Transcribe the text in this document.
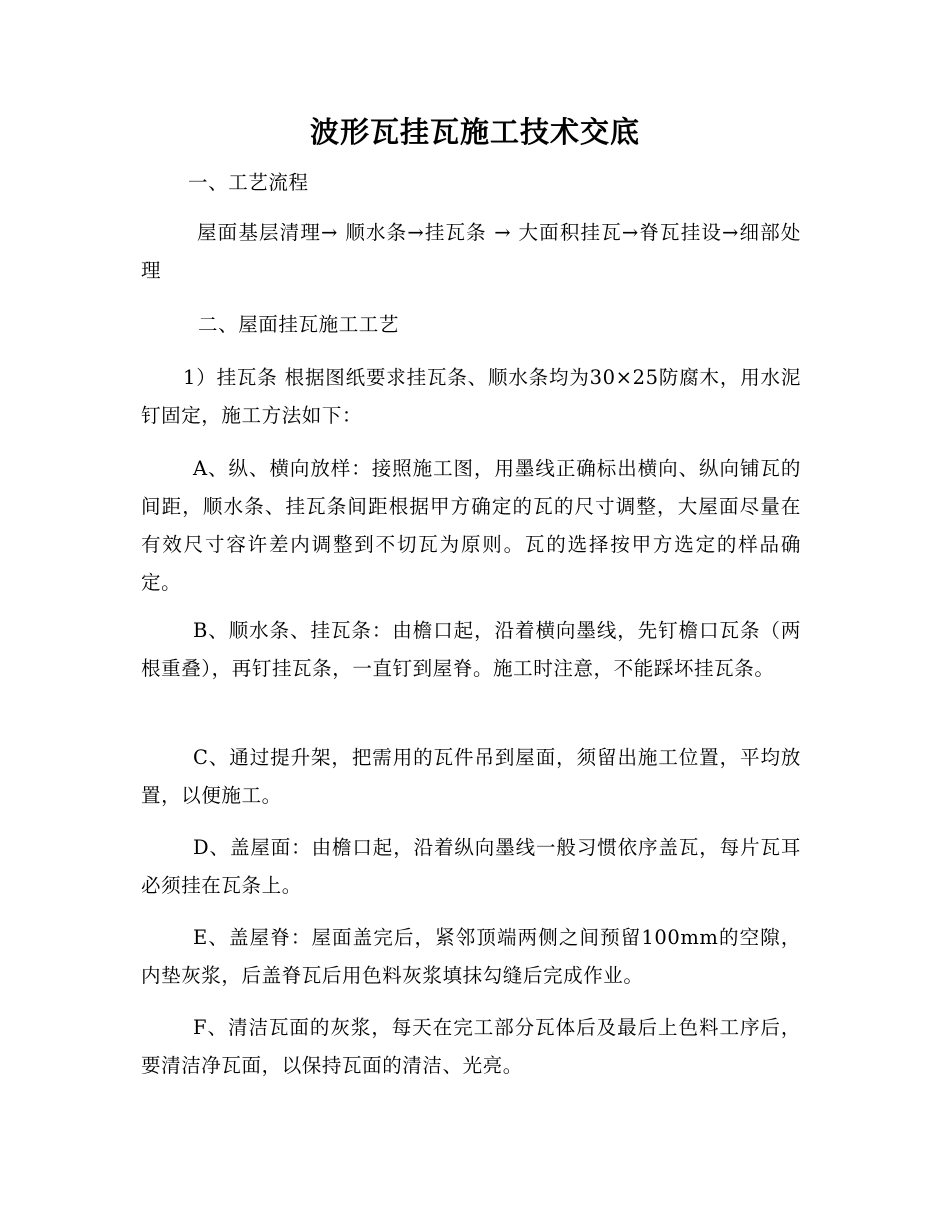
波形瓦挂瓦施工技术交底
一、工艺流程
屋面基层清理→ 顺水条→挂瓦条 → 大面积挂瓦→脊瓦挂设→细部处理
二、屋面挂瓦施工工艺
1）挂瓦条 根据图纸要求挂瓦条、顺水条均为30×25防腐木，用水泥钉固定，施工方法如下：
A、纵、横向放样：接照施工图，用墨线正确标出横向、纵向铺瓦的间距，顺水条、挂瓦条间距根据甲方确定的瓦的尺寸调整，大屋面尽量在有效尺寸容许差内调整到不切瓦为原则。瓦的选择按甲方选定的样品确定。
B、顺水条、挂瓦条：由檐口起，沿着横向墨线，先钉檐口瓦条（两根重叠），再钉挂瓦条，一直钉到屋脊。施工时注意，不能踩坏挂瓦条。
C、通过提升架，把需用的瓦件吊到屋面，须留出施工位置，平均放置，以便施工。
D、盖屋面：由檐口起，沿着纵向墨线一般习惯依序盖瓦，每片瓦耳必须挂在瓦条上。
E、盖屋脊：屋面盖完后，紧邻顶端两侧之间预留100mm的空隙，内垫灰浆，后盖脊瓦后用色料灰浆填抹勾缝后完成作业。
F、清洁瓦面的灰浆，每天在完工部分瓦体后及最后上色料工序后，要清洁净瓦面，以保持瓦面的清洁、光亮。
